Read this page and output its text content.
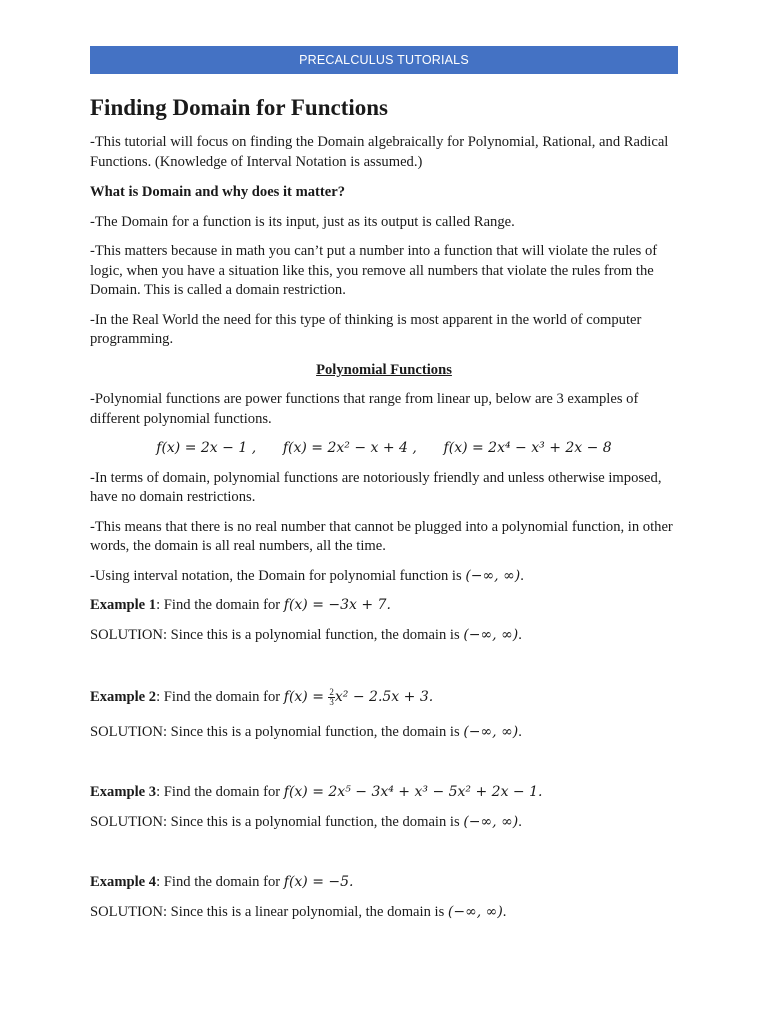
PRECALCULUS TUTORIALS
Finding Domain for Functions

-This tutorial will focus on finding the Domain algebraically for Polynomial, Rational, and Radical Functions. (Knowledge of Interval Notation is assumed.)

What is Domain and why does it matter?

-The Domain for a function is its input, just as its output is called Range.

-This matters because in math you can’t put a number into a function that will violate the rules of logic, when you have a situation like this, you remove all numbers that violate the rules from the Domain. This is called a domain restriction.

-In the Real World the need for this type of thinking is most apparent in the world of computer programming.

Polynomial Functions

-Polynomial functions are power functions that range from linear up, below are 3 examples of different polynomial functions.

f(x) = 2x − 1 ,      f(x) = 2x² − x + 4 ,      f(x) = 2x⁴ − x³ + 2x − 8

-In terms of domain, polynomial functions are notoriously friendly and unless otherwise imposed, have no domain restrictions.

-This means that there is no real number that cannot be plugged into a polynomial function, in other words, the domain is all real numbers, all the time.

-Using interval notation, the Domain for polynomial function is (−∞, ∞).

Example 1: Find the domain for f(x) = −3x + 7.

SOLUTION: Since this is a polynomial function, the domain is (−∞, ∞).

Example 2: Find the domain for $f(x) = \frac{2}{3} x^2 - 2.5x + 3$.

SOLUTION: Since this is a polynomial function, the domain is (−∞, ∞).

Example 3: Find the domain for f(x) = 2x⁵ − 3x⁴ + x³ − 5x² + 2x − 1.

SOLUTION: Since this is a polynomial function, the domain is (−∞, ∞).

Example 4: Find the domain for f(x) = −5.

SOLUTION: Since this is a linear polynomial, the domain is (−∞, ∞).
